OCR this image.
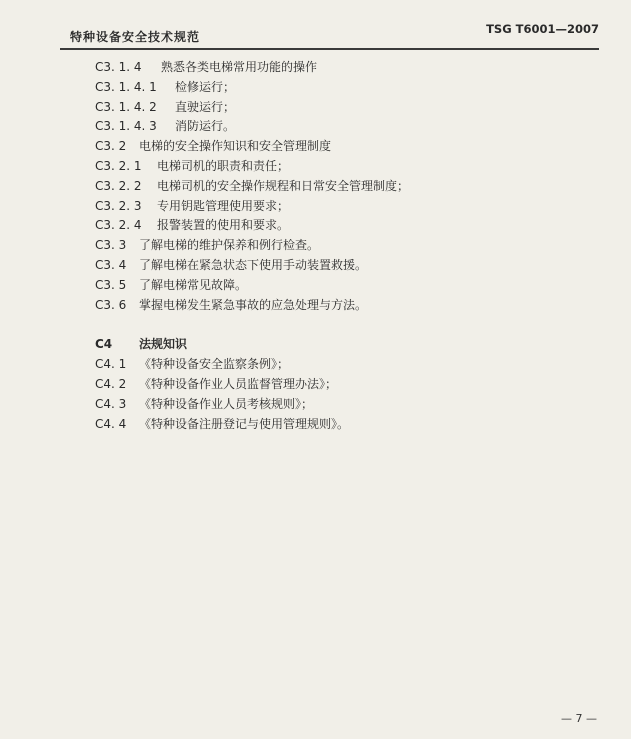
特种设备安全技术规范
TSG T6001—2007
C3. 1. 4 熟悉各类电梯常用功能的操作
C3. 1. 4. 1 检修运行；
C3. 1. 4. 2 直驶运行；
C3. 1. 4. 3 消防运行。
C3. 2 电梯的安全操作知识和安全管理制度
C3. 2. 1 电梯司机的职责和责任；
C3. 2. 2 电梯司机的安全操作规程和日常安全管理制度；
C3. 2. 3 专用钥匙管理使用要求；
C3. 2. 4 报警装置的使用和要求。
C3. 3 了解电梯的维护保养和例行检查。
C3. 4 了解电梯在紧急状态下使用手动装置救援。
C3. 5 了解电梯常见故障。
C3. 6 掌握电梯发生紧急事故的应急处理与方法。
C4 法规知识
C4. 1 《特种设备安全监察条例》；
C4. 2 《特种设备作业人员监督管理办法》；
C4. 3 《特种设备作业人员考核规则》；
C4. 4 《特种设备注册登记与使用管理规则》。
— 7 —
